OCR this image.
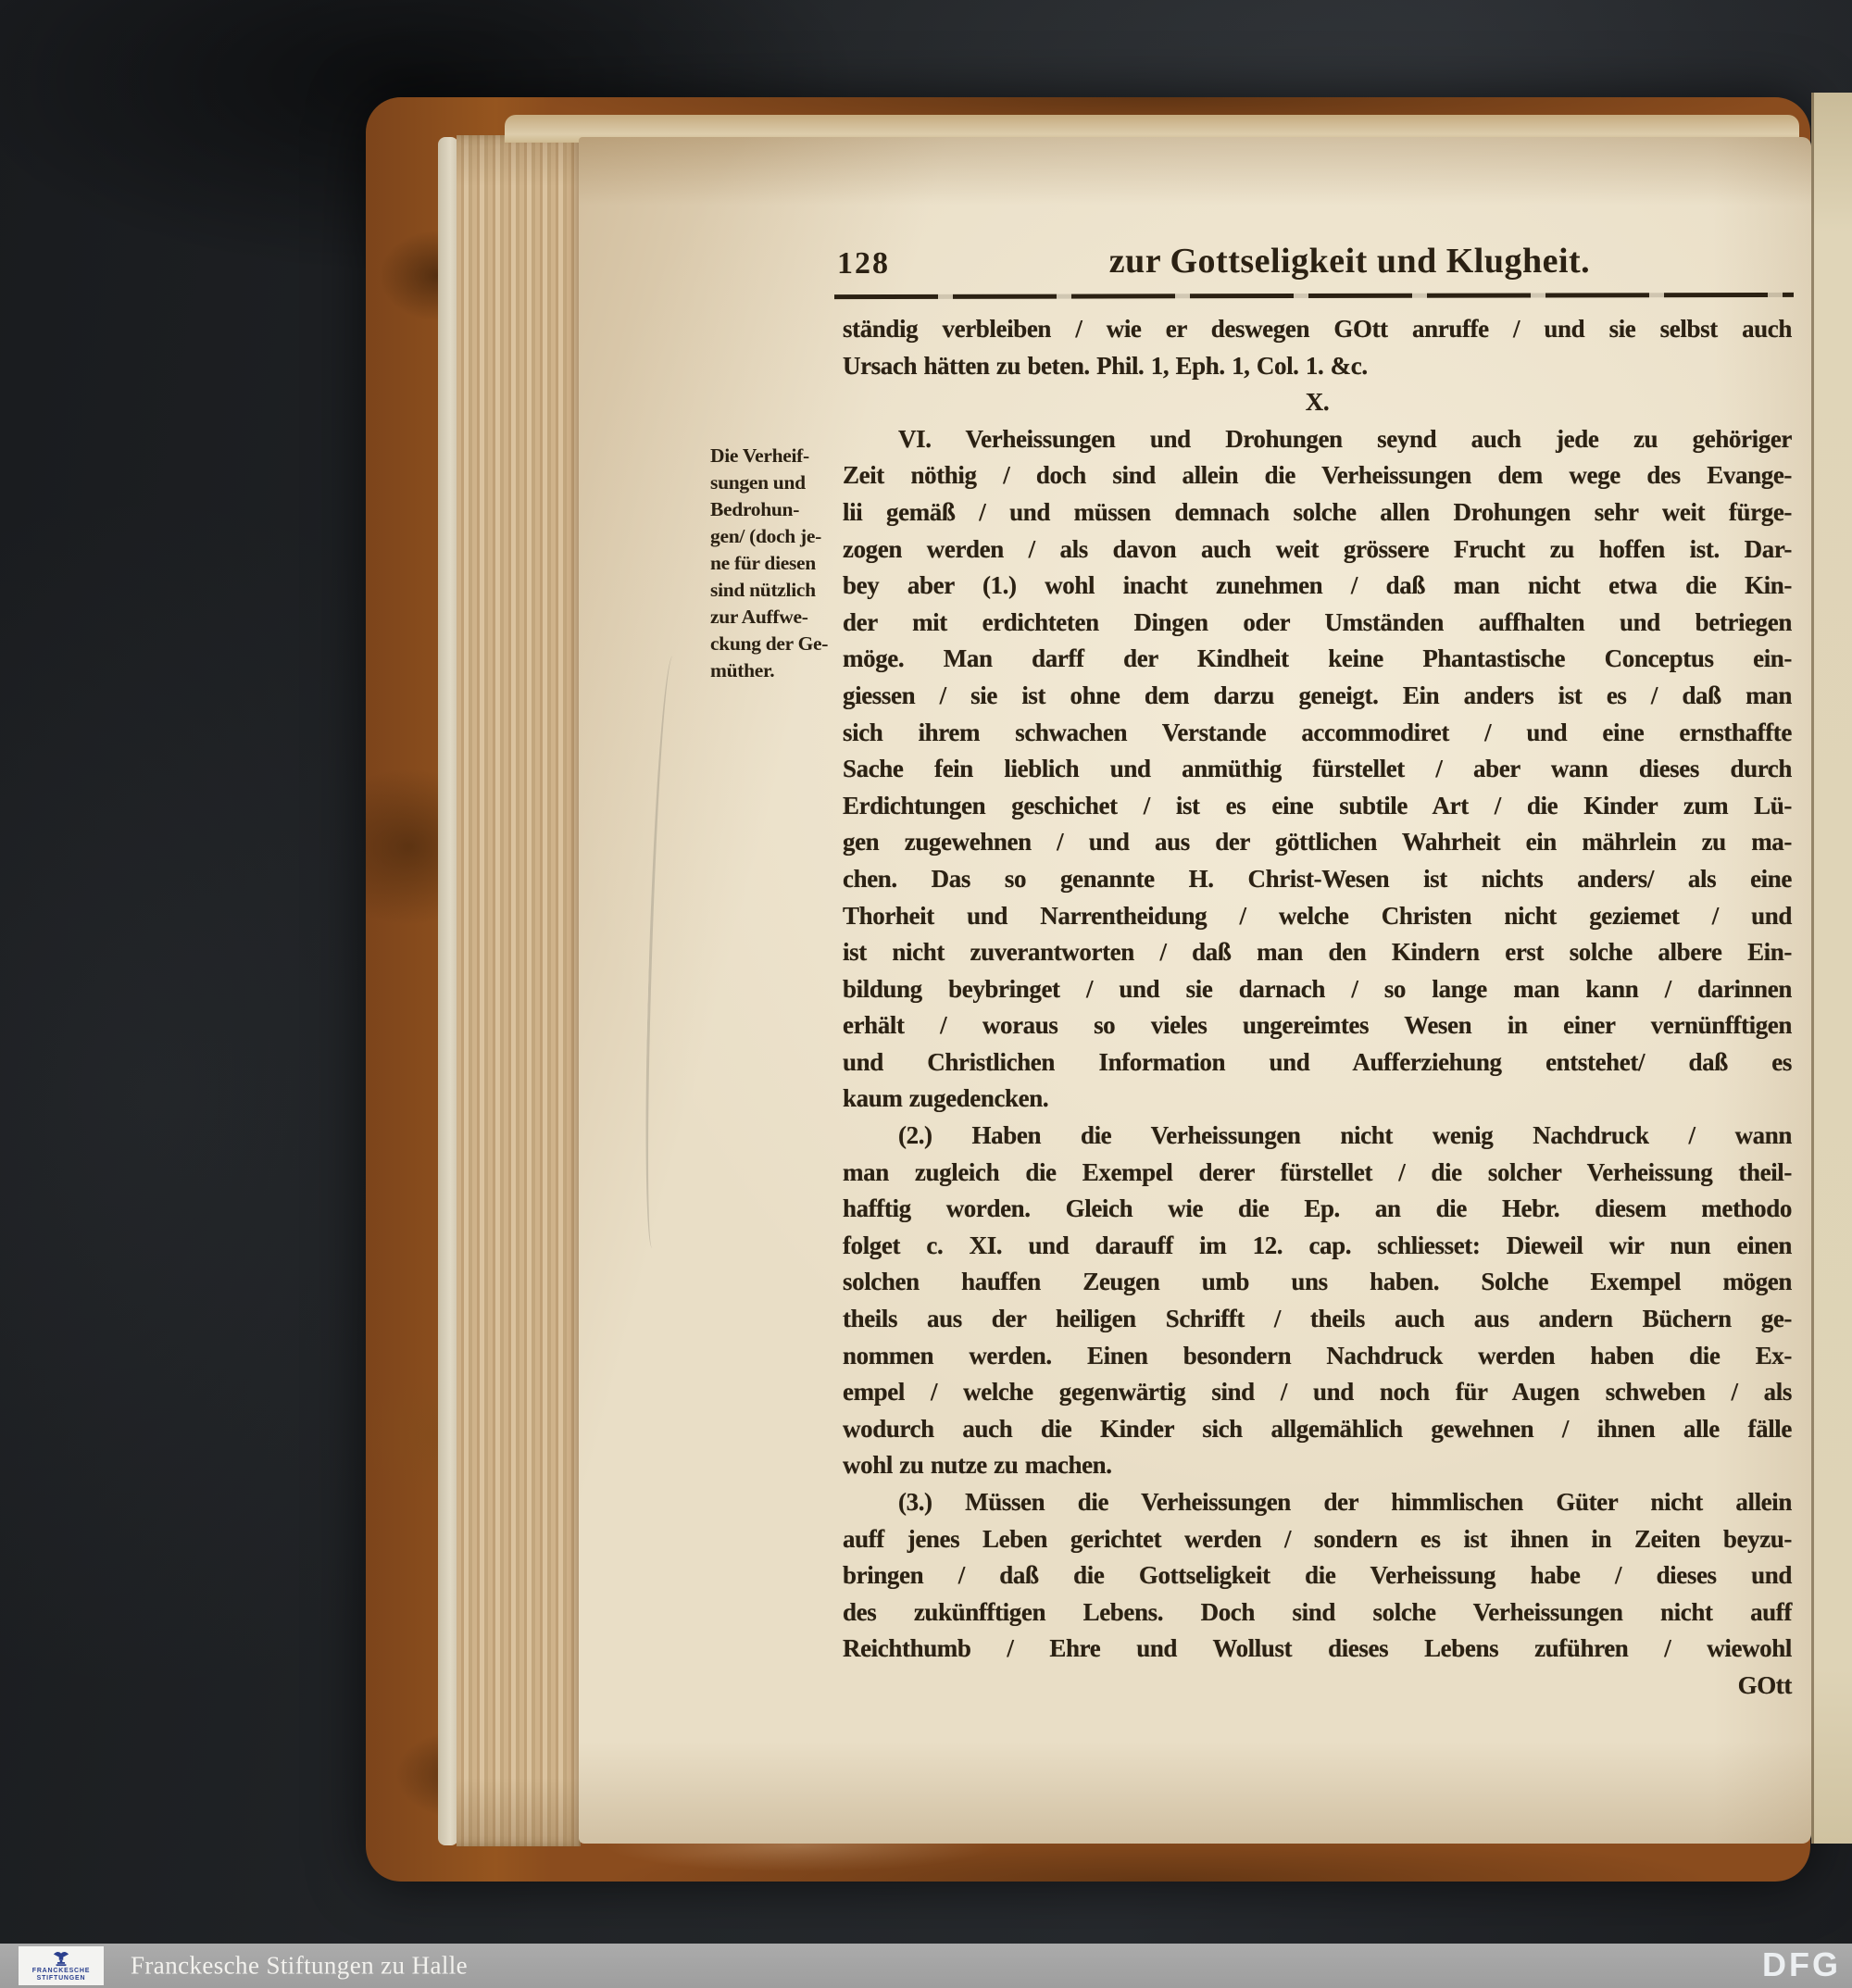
128	zur Gottseligkeit und Klugheit.
Die Verheif-
sungen und
Bedrohun-
gen/ (doch je-
ne für diesen
sind nützlich
zur Auffwe-
ckung der Ge-
müther.
ständig verbleiben / wie er deswegen GOtt anruffe / und sie selbst auch
Ursach hätten zu beten. Phil. 1, Eph. 1, Col. 1. &c.
X.
VI. Verheissungen und Drohungen seynd auch jede zu gehöriger
Zeit nöthig / doch sind allein die Verheissungen dem wege des Evange-
lii gemäß / und müssen demnach solche allen Drohungen sehr weit fürge-
zogen werden / als davon auch weit grössere Frucht zu hoffen ist. Dar-
bey aber (1.) wohl inacht zunehmen / daß man nicht etwa die Kin-
der mit erdichteten Dingen oder Umständen auffhalten und betriegen
möge. Man darff der Kindheit keine Phantastische Conceptus ein-
giessen / sie ist ohne dem darzu geneigt. Ein anders ist es / daß man
sich ihrem schwachen Verstande accommodiret / und eine ernsthaffte
Sache fein lieblich und anmüthig fürstellet / aber wann dieses durch
Erdichtungen geschichet / ist es eine subtile Art / die Kinder zum Lü-
gen zugewehnen / und aus der göttlichen Wahrheit ein mährlein zu ma-
chen. Das so genannte H. Christ-Wesen ist nichts anders/ als eine
Thorheit und Narrentheidung / welche Christen nicht geziemet / und
ist nicht zuverantworten / daß man den Kindern erst solche albere Ein-
bildung beybringet / und sie darnach / so lange man kann / darinnen
erhält / woraus so vieles ungereimtes Wesen in einer vernünfftigen
und Christlichen Information und Aufferziehung entstehet/ daß es
kaum zugedencken.
(2.) Haben die Verheissungen nicht wenig Nachdruck / wann
man zugleich die Exempel derer fürstellet / die solcher Verheissung theil-
hafftig worden. Gleich wie die Ep. an die Hebr. diesem methodo
folget c. XI. und darauff im 12. cap. schliesset: Dieweil wir nun einen
solchen hauffen Zeugen umb uns haben. Solche Exempel mögen
theils aus der heiligen Schrifft / theils auch aus andern Büchern ge-
nommen werden. Einen besondern Nachdruck werden haben die Ex-
empel / welche gegenwärtig sind / und noch für Augen schweben / als
wodurch auch die Kinder sich allgemählich gewehnen / ihnen alle fälle
wohl zu nutze zu machen.
(3.) Müssen die Verheissungen der himmlischen Güter nicht allein
auff jenes Leben gerichtet werden / sondern es ist ihnen in Zeiten beyzu-
bringen / daß die Gottseligkeit die Verheissung habe / dieses und
des zukünfftigen Lebens. Doch sind solche Verheissungen nicht auff
Reichthumb / Ehre und Wollust dieses Lebens zuführen / wiewohl
GOtt
FRANCKESCHE
STIFTUNGEN Franckesche Stiftungen zu Halle	DFG
